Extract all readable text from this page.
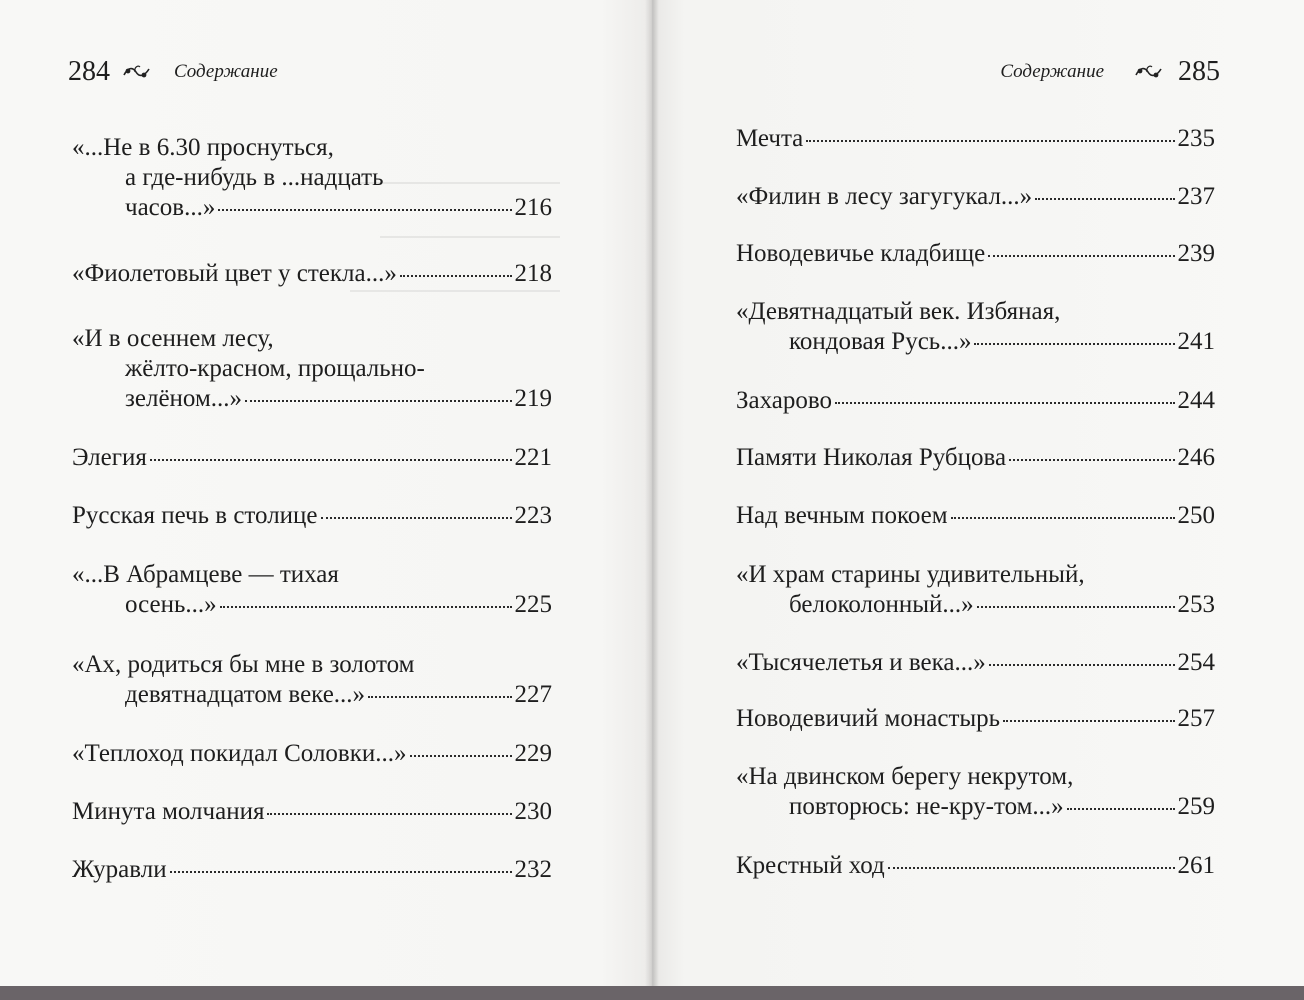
284	Содержание	Содержание	285
«...Не в 6.30 проснуться,
а где-нибудь в ...надцать
часов...»	216
«Фиолетовый цвет у стекла...»	218
«И в осеннем лесу,
жёлто-красном, прощально-
зелёном...»	219
Элегия	221
Русская печь в столице	223
«...В Абрамцеве — тихая
осень...»	225
«Ах, родиться бы мне в золотом
девятнадцатом веке...»	227
«Теплоход покидал Соловки...»	229
Минута молчания	230
Журавли	232
Мечта	235
«Филин в лесу загугукал...»	237
Новодевичье кладбище	239
«Девятнадцатый век. Избяная,
кондовая Русь...»	241
Захарово	244
Памяти Николая Рубцова	246
Над вечным покоем	250
«И храм старины удивительный,
белоколонный...»	253
«Тысячелетья и века...»	254
Новодевичий монастырь	257
«На двинском берегу некрутом,
повторюсь: не-кру-том...»	259
Крестный ход	261
